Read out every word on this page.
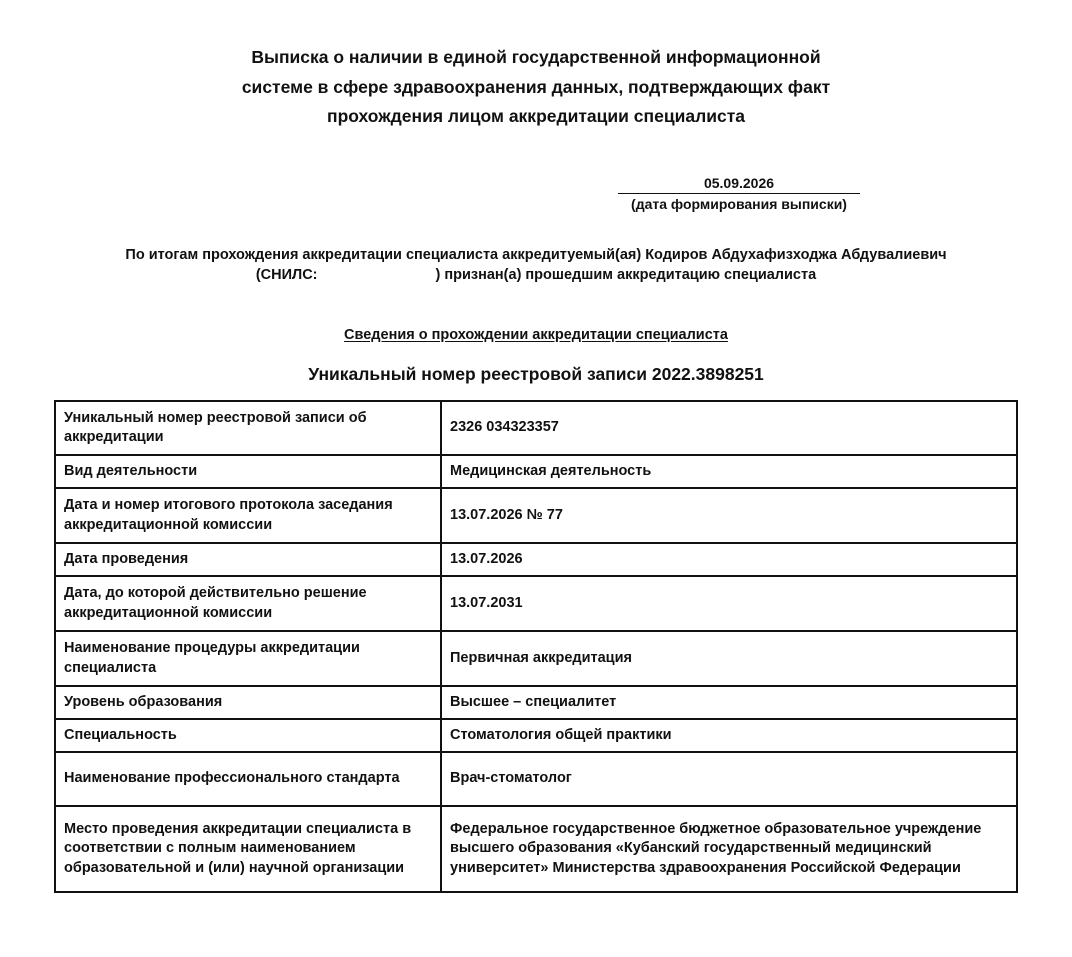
Выписка о наличии в единой государственной информационной
системе в сфере здравоохранения данных, подтверждающих факт
прохождения лицом аккредитации специалиста
05.09.2026
(дата формирования выписки)
По итогам прохождения аккредитации специалиста аккредитуемый(ая) Кодиров Абдухафизходжа Абдувалиевич
(СНИЛС:	) признан(а) прошедшим аккредитацию специалиста
Сведения о прохождении аккредитации специалиста
Уникальный номер реестровой записи 2022.3898251
Уникальный номер реестровой записи об аккредитации	2326 034323357
Вид деятельности	Медицинская деятельность
Дата и номер итогового протокола заседания аккредитационной комиссии	13.07.2026 № 77
Дата проведения	13.07.2026
Дата, до которой действительно решение аккредитационной комиссии	13.07.2031
Наименование процедуры аккредитации специалиста	Первичная аккредитация
Уровень образования	Высшее – специалитет
Специальность	Стоматология общей практики
Наименование профессионального стандарта	Врач-стоматолог
Место проведения аккредитации специалиста в соответствии с полным наименованием образовательной и (или) научной организации	Федеральное государственное бюджетное образовательное учреждение высшего образования «Кубанский государственный медицинский университет» Министерства здравоохранения Российской Федерации
